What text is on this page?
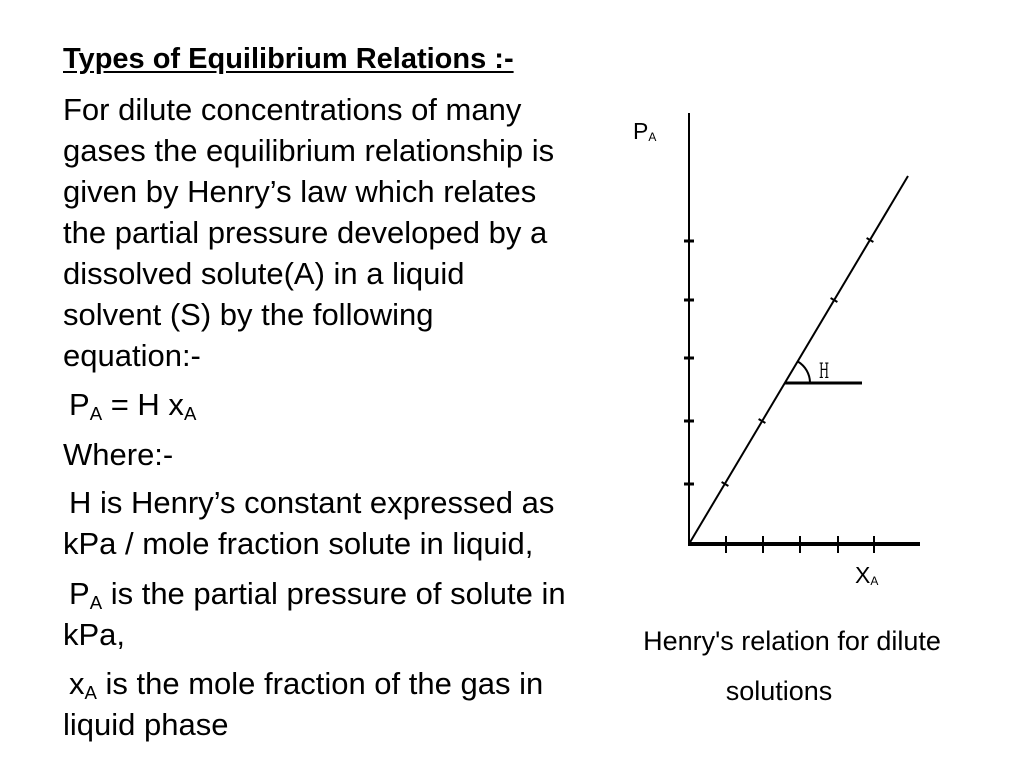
Types of Equilibrium Relations :-
For dilute concentrations of many
gases the equilibrium relationship is
given by Henry’s law which relates
the partial pressure developed by a
dissolved solute(A) in a liquid
solvent (S) by the following
equation:-
$P_A = H$ $x_A$
Where:-
H is Henry’s constant expressed as
kPa / mole fraction solute in liquid,
$P_A$ is the partial pressure of solute in
kPa,
$x_A$ is the mole fraction of the gas in
liquid phase
H
PA
XA
Henry's relation for dilute
solutions
